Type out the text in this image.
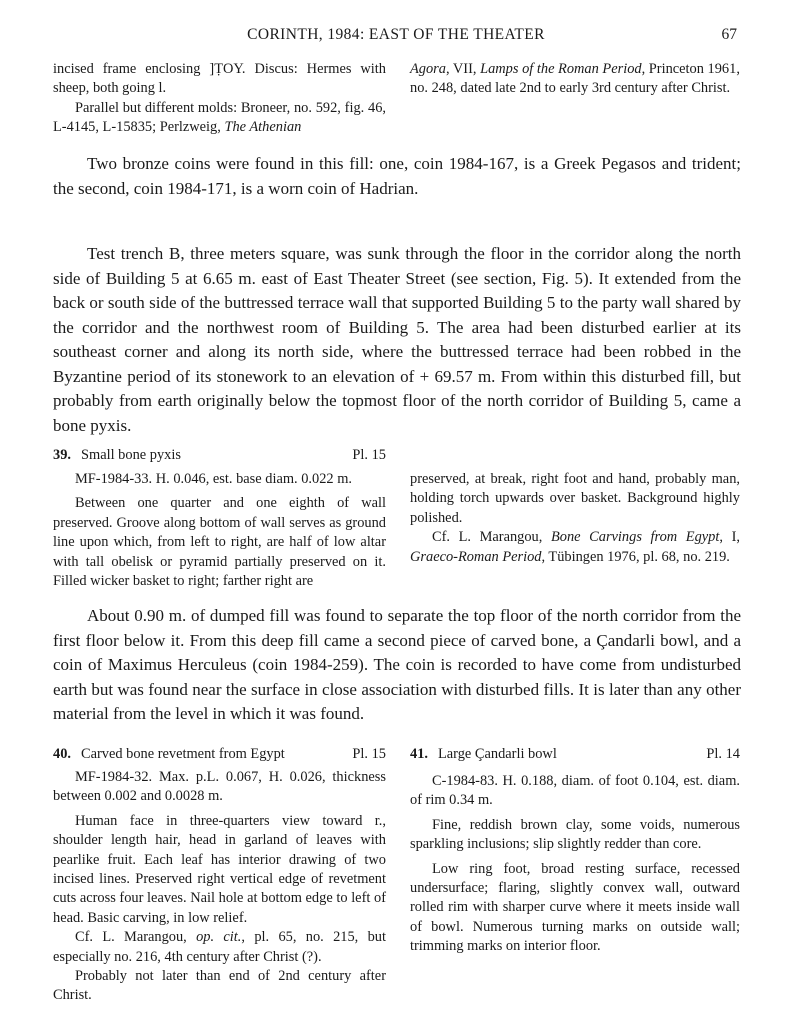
CORINTH, 1984: EAST OF THE THEATER	67

incised frame enclosing ]ṬOY. Discus: Hermes with sheep, both going l.

Parallel but different molds: Broneer, no. 592, fig. 46, L-4145, L-15835; Perlzweig, The Athenian

Agora, VII, Lamps of the Roman Period, Princeton 1961, no. 248, dated late 2nd to early 3rd century after Christ.

Two bronze coins were found in this fill: one, coin 1984-167, is a Greek Pegasos and trident; the second, coin 1984-171, is a worn coin of Hadrian.

Test trench B, three meters square, was sunk through the floor in the corridor along the north side of Building 5 at 6.65 m. east of East Theater Street (see section, Fig. 5). It extended from the back or south side of the buttressed terrace wall that supported Building 5 to the party wall shared by the corridor and the northwest room of Building 5. The area had been disturbed earlier at its southeast corner and along its north side, where the buttressed terrace had been robbed in the Byzantine period of its stonework to an elevation of + 69.57 m. From within this disturbed fill, but probably from earth originally below the topmost floor of the north corridor of Building 5, came a bone pyxis.

39. Small bone pyxis	Pl. 15

MF-1984-33. H. 0.046, est. base diam. 0.022 m.

Between one quarter and one eighth of wall preserved. Groove along bottom of wall serves as ground line upon which, from left to right, are half of low altar with tall obelisk or pyramid partially preserved on it. Filled wicker basket to right; farther right are

preserved, at break, right foot and hand, probably man, holding torch upwards over basket. Background highly polished.

Cf. L. Marangou, Bone Carvings from Egypt, I, Graeco-Roman Period, Tübingen 1976, pl. 68, no. 219.

About 0.90 m. of dumped fill was found to separate the top floor of the north corridor from the first floor below it. From this deep fill came a second piece of carved bone, a Çandarli bowl, and a coin of Maximus Herculeus (coin 1984-259). The coin is recorded to have come from undisturbed earth but was found near the surface in close association with disturbed fills. It is later than any other material from the level in which it was found.

40. Carved bone revetment from Egypt	Pl. 15

MF-1984-32. Max. p.L. 0.067, H. 0.026, thickness between 0.002 and 0.0028 m.

Human face in three-quarters view toward r., shoulder length hair, head in garland of leaves with pearlike fruit. Each leaf has interior drawing of two incised lines. Preserved right vertical edge of revetment cuts across four leaves. Nail hole at bottom edge to left of head. Basic carving, in low relief.

Cf. L. Marangou, op. cit., pl. 65, no. 215, but especially no. 216, 4th century after Christ (?).

Probably not later than end of 2nd century after Christ.

41. Large Çandarli bowl	Pl. 14

C-1984-83. H. 0.188, diam. of foot 0.104, est. diam. of rim 0.34 m.

Fine, reddish brown clay, some voids, numerous sparkling inclusions; slip slightly redder than core.

Low ring foot, broad resting surface, recessed undersurface; flaring, slightly convex wall, outward rolled rim with sharper curve where it meets inside wall of bowl. Numerous turning marks on outside wall; trimming marks on interior floor.
